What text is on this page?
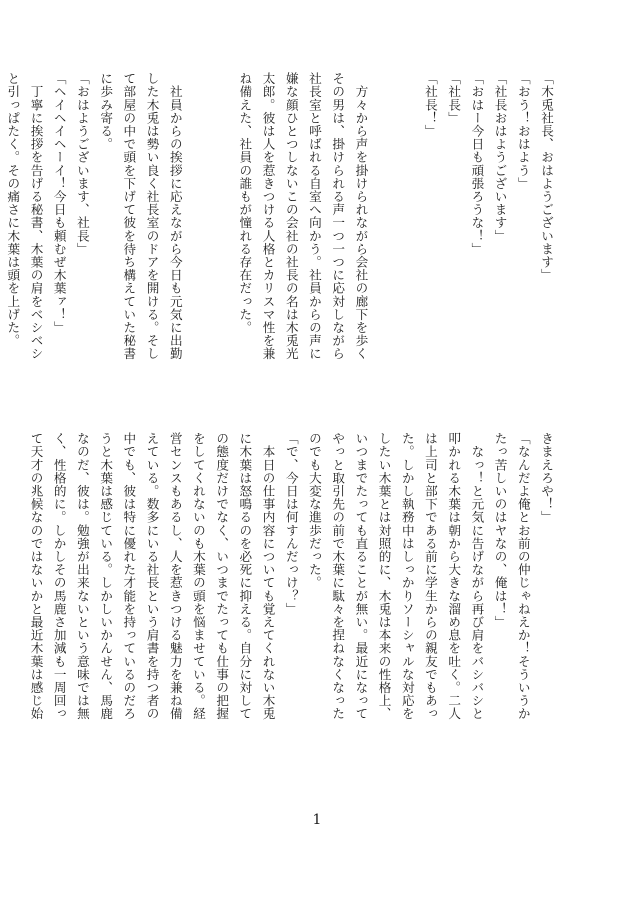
「木兎社長、おはようございます」
「おう！おはよう」
「社長おはようございます」
「おはー今日も頑張ろうな！」
「社長」
「社長！」

　方々から声を掛けられながら会社の廊下を歩く
その男は、掛けられる声一つ一つに応対しながら
社長室と呼ばれる自室へ向かう。社員からの声に
嫌な顔ひとつしないこの会社の社長の名は木兎光
太郎。彼は人を惹きつける人格とカリスマ性を兼
ね備えた、社員の誰もが憧れる存在だった。

　社員からの挨拶に応えながら今日も元気に出勤
した木兎は勢い良く社長室のドアを開ける。そし
て部屋の中で頭を下げて彼を待ち構えていた秘書
に歩み寄る。
「おはようございます、社長」
「ヘイヘイヘーイ！今日も頼むぜ木葉ァ！」
　丁寧に挨拶を告げる秘書、木葉の肩をベシベシ
と引っぱたく。その痛さに木葉は頭を上げた。

きまえろや！」
「なんだよ俺とお前の仲じゃねえか！そういうか
たっ苦しいのはヤなの、俺は！」
　なっ！と元気に告げながら再び肩をバシバシと
叩かれる木葉は朝から大きな溜め息を吐く。二人
は上司と部下である前に学生からの親友でもあっ
た。しかし執務中はしっかりソーシャルな対応を
したい木葉とは対照的に、木兎は本来の性格上、
いつまでたっても直ることが無い。最近になって
やっと取引先の前で木葉に駄々を捏ねなくなった
のでも大変な進歩だった。
「で、今日は何すんだっけ？」
　本日の仕事内容についても覚えてくれない木兎
に木葉は怒鳴るのを必死に抑える。自分に対して
の態度だけでなく、いつまでたっても仕事の把握
をしてくれないのも木葉の頭を悩ませている。経
営センスもあるし、人を惹きつける魅力を兼ね備
えている。数多にいる社長という肩書を持つ者の
中でも、彼は特に優れた才能を持っているのだろ
うと木葉は感じている。しかしいかんせん、馬鹿
なのだ、彼は。勉強が出来ないという意味では無
く、性格的に。しかしその馬鹿さ加減も一周回っ
て天才の兆候なのではないかと最近木葉は感じ始
1
